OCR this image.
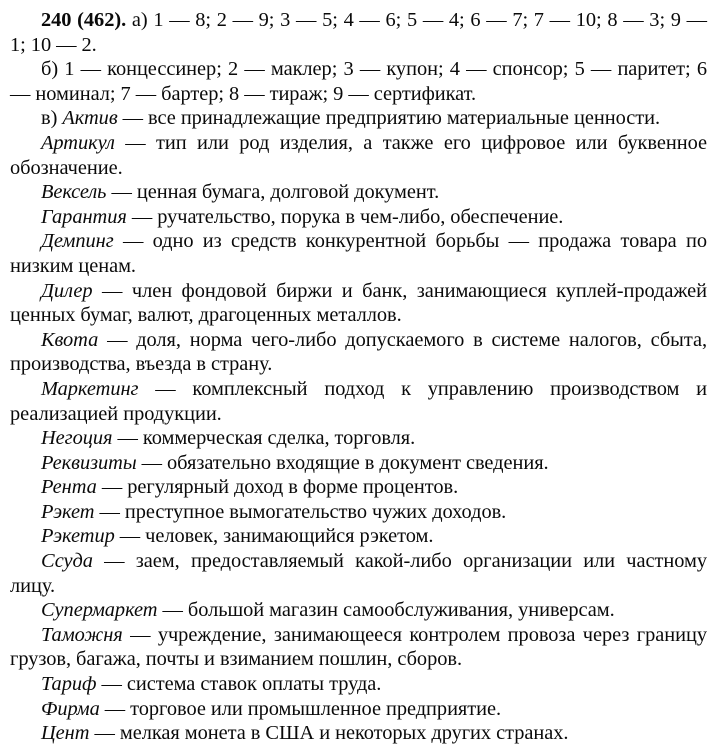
240 (462). а) 1 — 8; 2 — 9; 3 — 5; 4 — 6; 5 — 4; 6 — 7; 7 — 10; 8 — 3; 9 — 1; 10 — 2.

б) 1 — концессинер; 2 — маклер; 3 — купон; 4 — спонсор; 5 — паритет; 6 — номинал; 7 — бартер; 8 — тираж; 9 — сертификат.

в) Актив — все принадлежащие предприятию материальные ценности.

Артикул — тип или род изделия, а также его цифровое или буквенное обозначение.

Вексель — ценная бумага, долговой документ.

Гарантия — ручательство, порука в чем-либо, обеспечение.

Демпинг — одно из средств конкурентной борьбы — продажа товара по низким ценам.

Дилер — член фондовой биржи и банк, занимающиеся куплей-продажей ценных бумаг, валют, драгоценных металлов.

Квота — доля, норма чего-либо допускаемого в системе налогов, сбыта, производства, въезда в страну.

Маркетинг — комплексный подход к управлению производством и реализацией продукции.

Негоция — коммерческая сделка, торговля.

Реквизиты — обязательно входящие в документ сведения.

Рента — регулярный доход в форме процентов.

Рэкет — преступное вымогательство чужих доходов.

Рэкетир — человек, занимающийся рэкетом.

Ссуда — заем, предоставляемый какой-либо организации или частному лицу.

Супермаркет — большой магазин самообслуживания, универсам.

Таможня — учреждение, занимающееся контролем провоза через границу грузов, багажа, почты и взиманием пошлин, сборов.

Тариф — система ставок оплаты труда.

Фирма — торговое или промышленное предприятие.

Цент — мелкая монета в США и некоторых других странах.
